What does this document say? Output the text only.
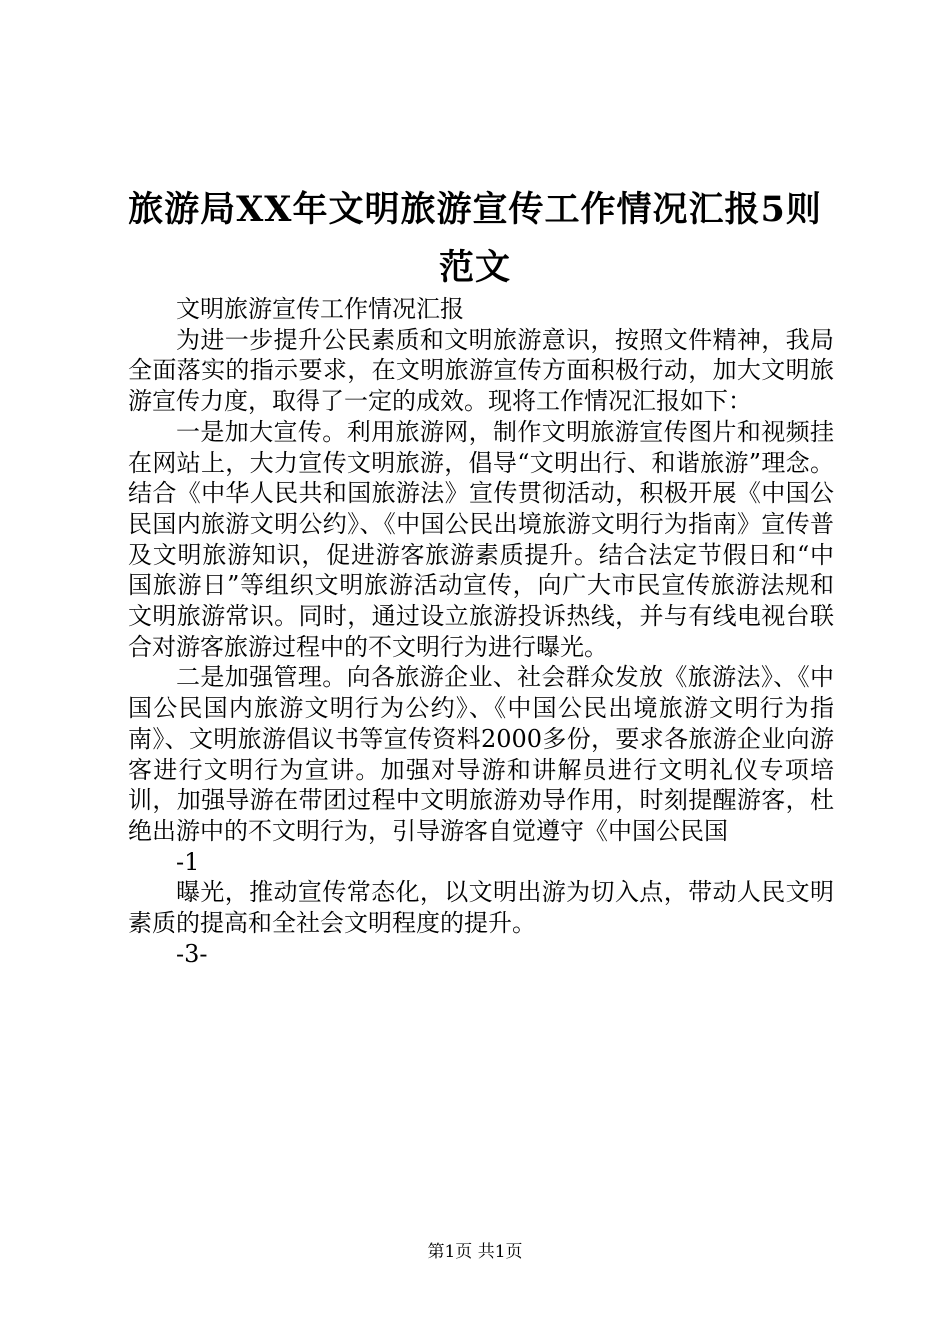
旅游局XX年文明旅游宣传工作情况汇报5则
范文

文明旅游宣传工作情况汇报

为进一步提升公民素质和文明旅游意识，按照文件精神，我局全面落实的指示要求，在文明旅游宣传方面积极行动，加大文明旅游宣传力度，取得了一定的成效。现将工作情况汇报如下：

一是加大宣传。利用旅游网，制作文明旅游宣传图片和视频挂在网站上，大力宣传文明旅游，倡导“文明出行、和谐旅游”理念。结合《中华人民共和国旅游法》宣传贯彻活动，积极开展《中国公民国内旅游文明公约》、《中国公民出境旅游文明行为指南》宣传普及文明旅游知识，促进游客旅游素质提升。结合法定节假日和“中国旅游日”等组织文明旅游活动宣传，向广大市民宣传旅游法规和文明旅游常识。同时，通过设立旅游投诉热线，并与有线电视台联合对游客旅游过程中的不文明行为进行曝光。

二是加强管理。向各旅游企业、社会群众发放《旅游法》、《中国公民国内旅游文明行为公约》、《中国公民出境旅游文明行为指南》、文明旅游倡议书等宣传资料2000多份，要求各旅游企业向游客进行文明行为宣讲。加强对导游和讲解员进行文明礼仪专项培训，加强导游在带团过程中文明旅游劝导作用，时刻提醒游客，杜绝出游中的不文明行为，引导游客自觉遵守《中国公民国

-1

曝光，推动宣传常态化，以文明出游为切入点，带动人民文明素质的提高和全社会文明程度的提升。

-3-

第1页 共1页
